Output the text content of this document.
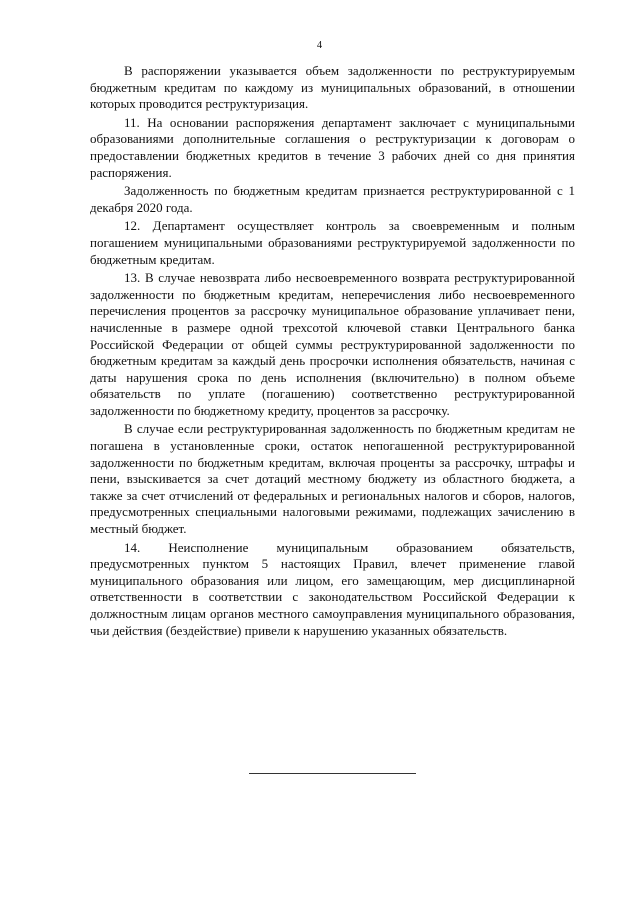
4

В распоряжении указывается объем задолженности по реструктурируемым бюджетным кредитам по каждому из муниципальных образований, в отношении которых проводится реструктуризация.

11. На основании распоряжения департамент заключает с муниципальными образованиями дополнительные соглашения о реструктуризации к договорам о предоставлении бюджетных кредитов в течение 3 рабочих дней со дня принятия распоряжения.

Задолженность по бюджетным кредитам признается реструктурированной с 1 декабря 2020 года.

12. Департамент осуществляет контроль за своевременным и полным погашением муниципальными образованиями реструктурируемой задолженности по бюджетным кредитам.

13. В случае невозврата либо несвоевременного возврата реструктурированной задолженности по бюджетным кредитам, неперечисления либо несвоевременного перечисления процентов за рассрочку муниципальное образование уплачивает пени, начисленные в размере одной трехсотой ключевой ставки Центрального банка Российской Федерации от общей суммы реструктурированной задолженности по бюджетным кредитам за каждый день просрочки исполнения обязательств, начиная с даты нарушения срока по день исполнения (включительно) в полном объеме обязательств по уплате (погашению) соответственно реструктурированной задолженности по бюджетному кредиту, процентов за рассрочку.

В случае если реструктурированная задолженность по бюджетным кредитам не погашена в установленные сроки, остаток непогашенной реструктурированной задолженности по бюджетным кредитам, включая проценты за рассрочку, штрафы и пени, взыскивается за счет дотаций местному бюджету из областного бюджета, а также за счет отчислений от федеральных и региональных налогов и сборов, налогов, предусмотренных специальными налоговыми режимами, подлежащих зачислению в местный бюджет.

14. Неисполнение муниципальным образованием обязательств, предусмотренных пунктом 5 настоящих Правил, влечет применение главой муниципального образования или лицом, его замещающим, мер дисциплинарной ответственности в соответствии с законодательством Российской Федерации к должностным лицам органов местного самоуправления муниципального образования, чьи действия (бездействие) привели к нарушению указанных обязательств.
